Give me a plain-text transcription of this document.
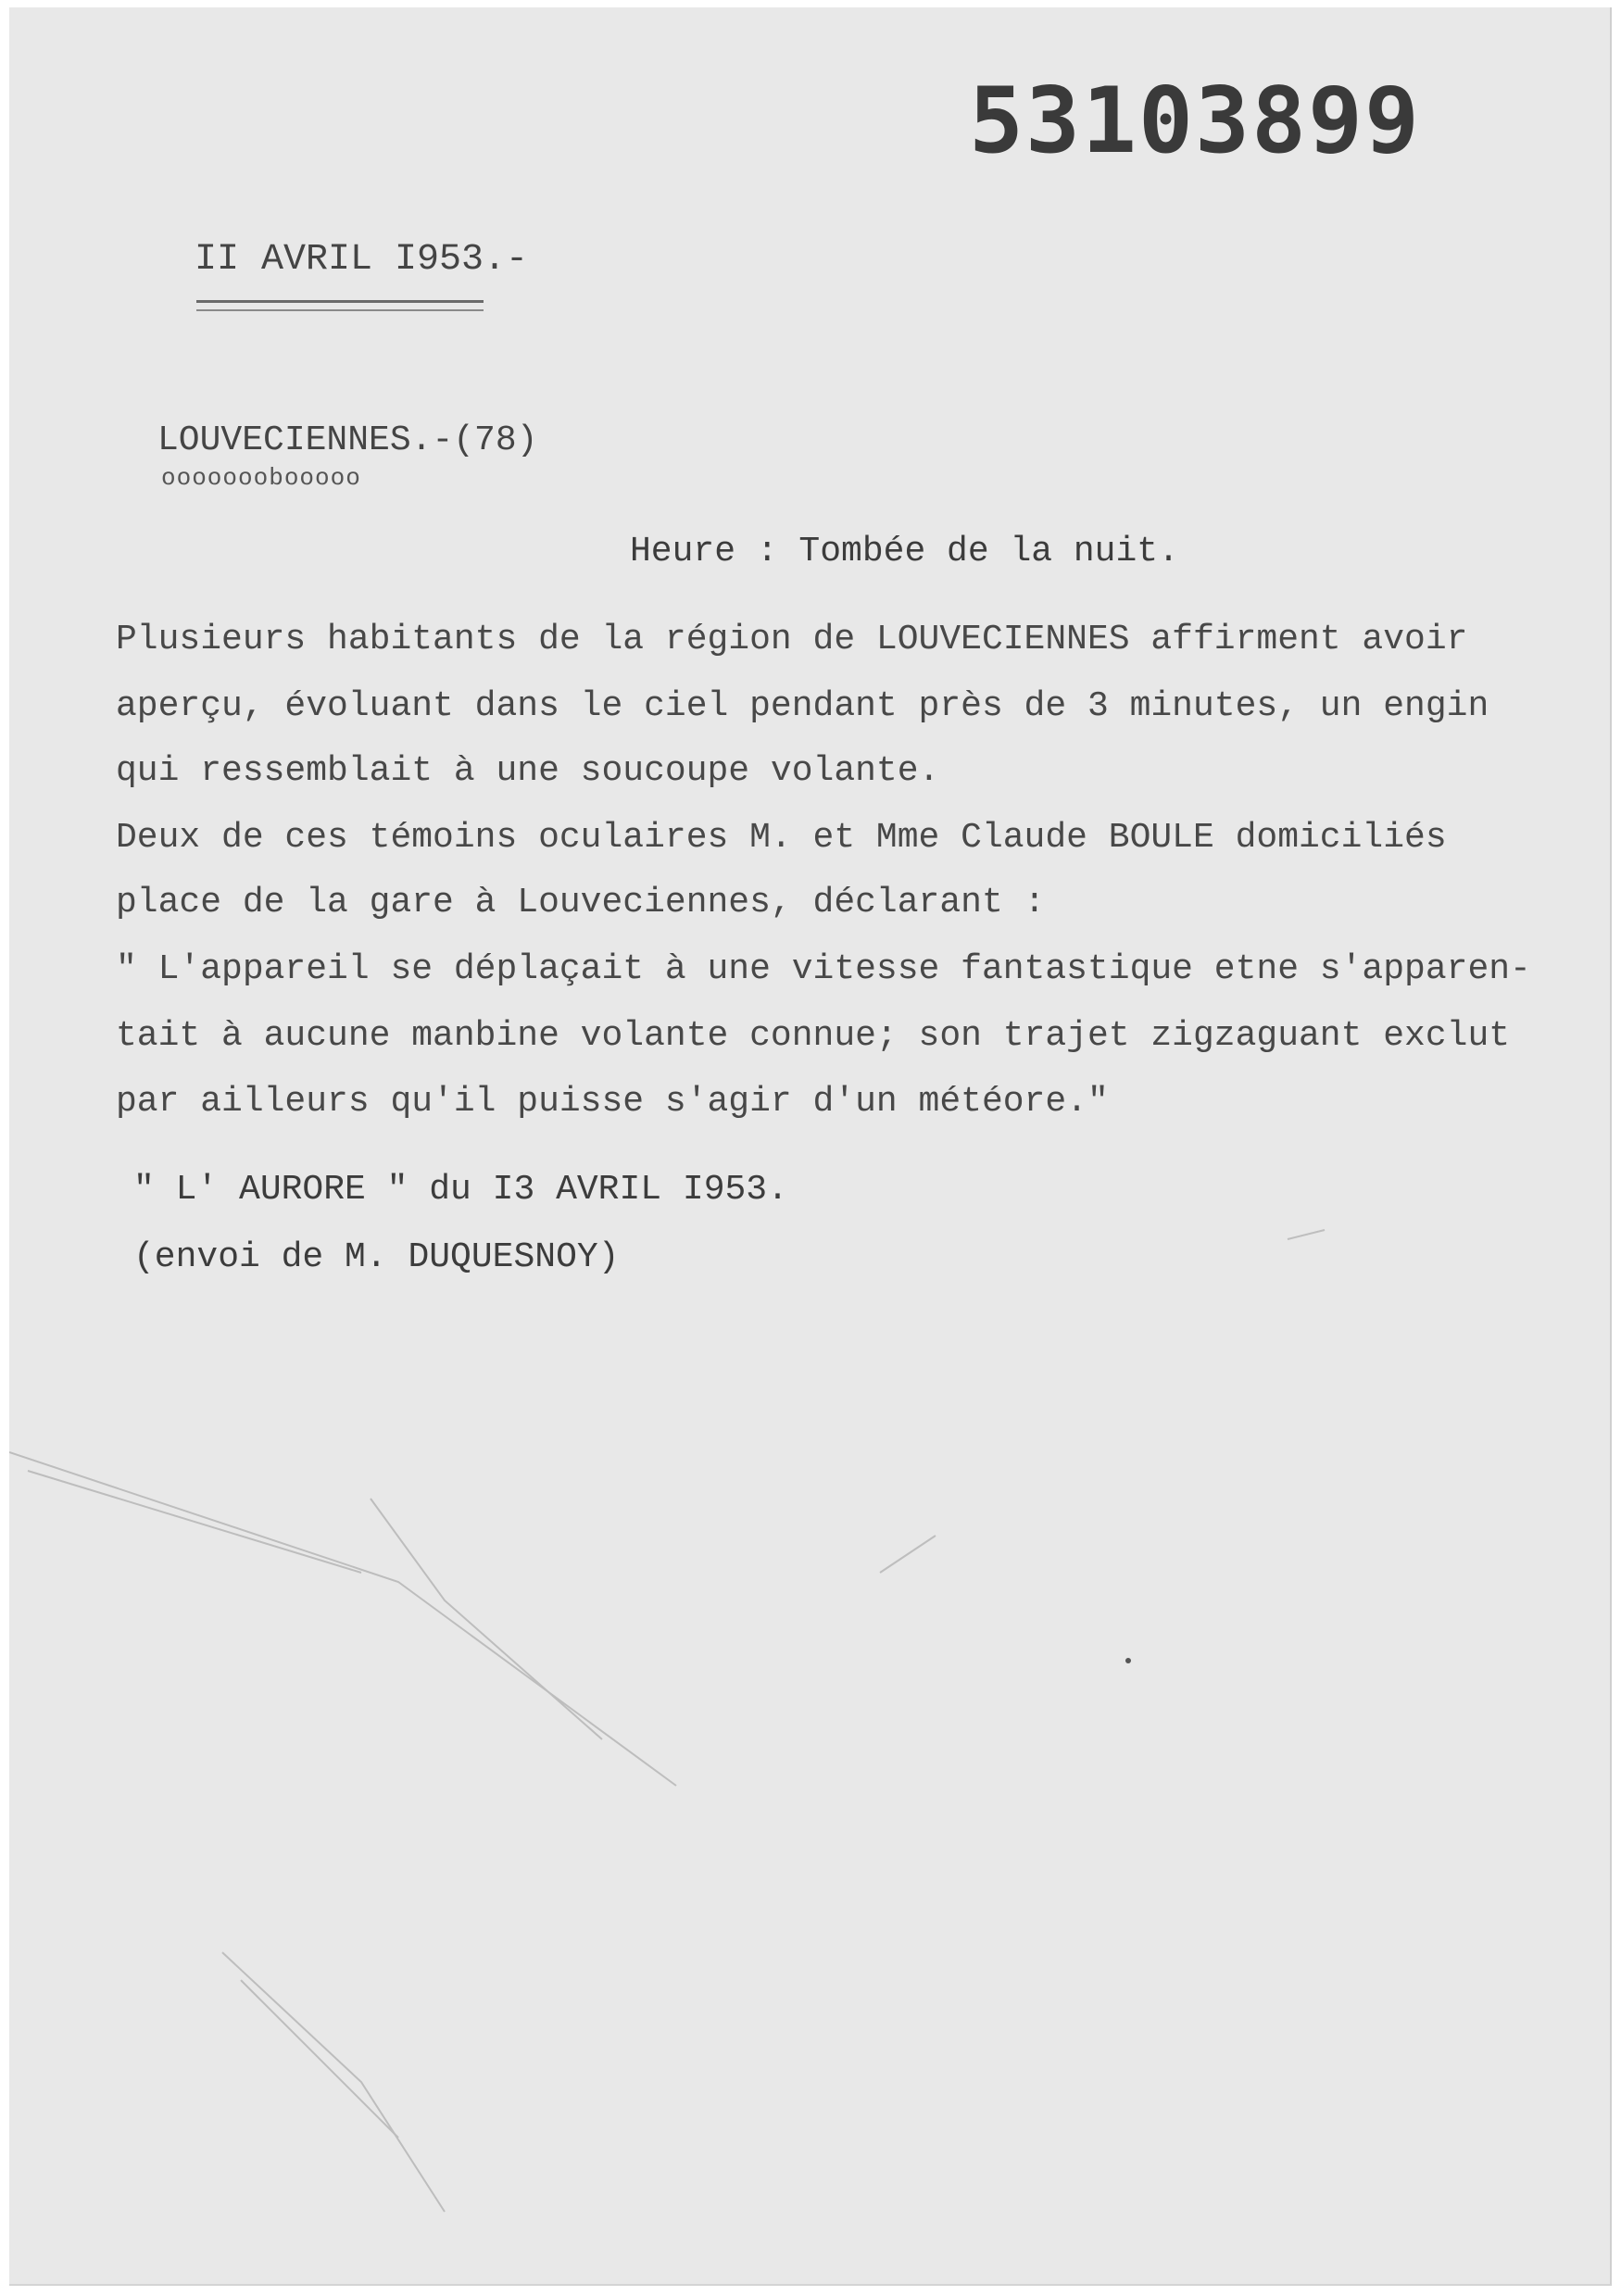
53103899
II AVRIL I953.-
LOUVECIENNES.-(78)
ooooooobooooo
Heure : Tombée de la nuit.
Plusieurs habitants de la région de LOUVECIENNES affirment avoir
aperçu, évoluant dans le ciel pendant près de 3 minutes, un engin
qui ressemblait à une soucoupe volante.
Deux de ces témoins oculaires M. et Mme Claude BOULE domiciliés
place de la gare à Louveciennes, déclarant :
" L'appareil se déplaçait à une vitesse fantastique etne s'apparen-
tait à aucune manbine volante connue; son trajet zigzaguant exclut
par ailleurs qu'il puisse s'agir d'un météore."
" L' AURORE " du I3 AVRIL I953.
(envoi de M. DUQUESNOY)
